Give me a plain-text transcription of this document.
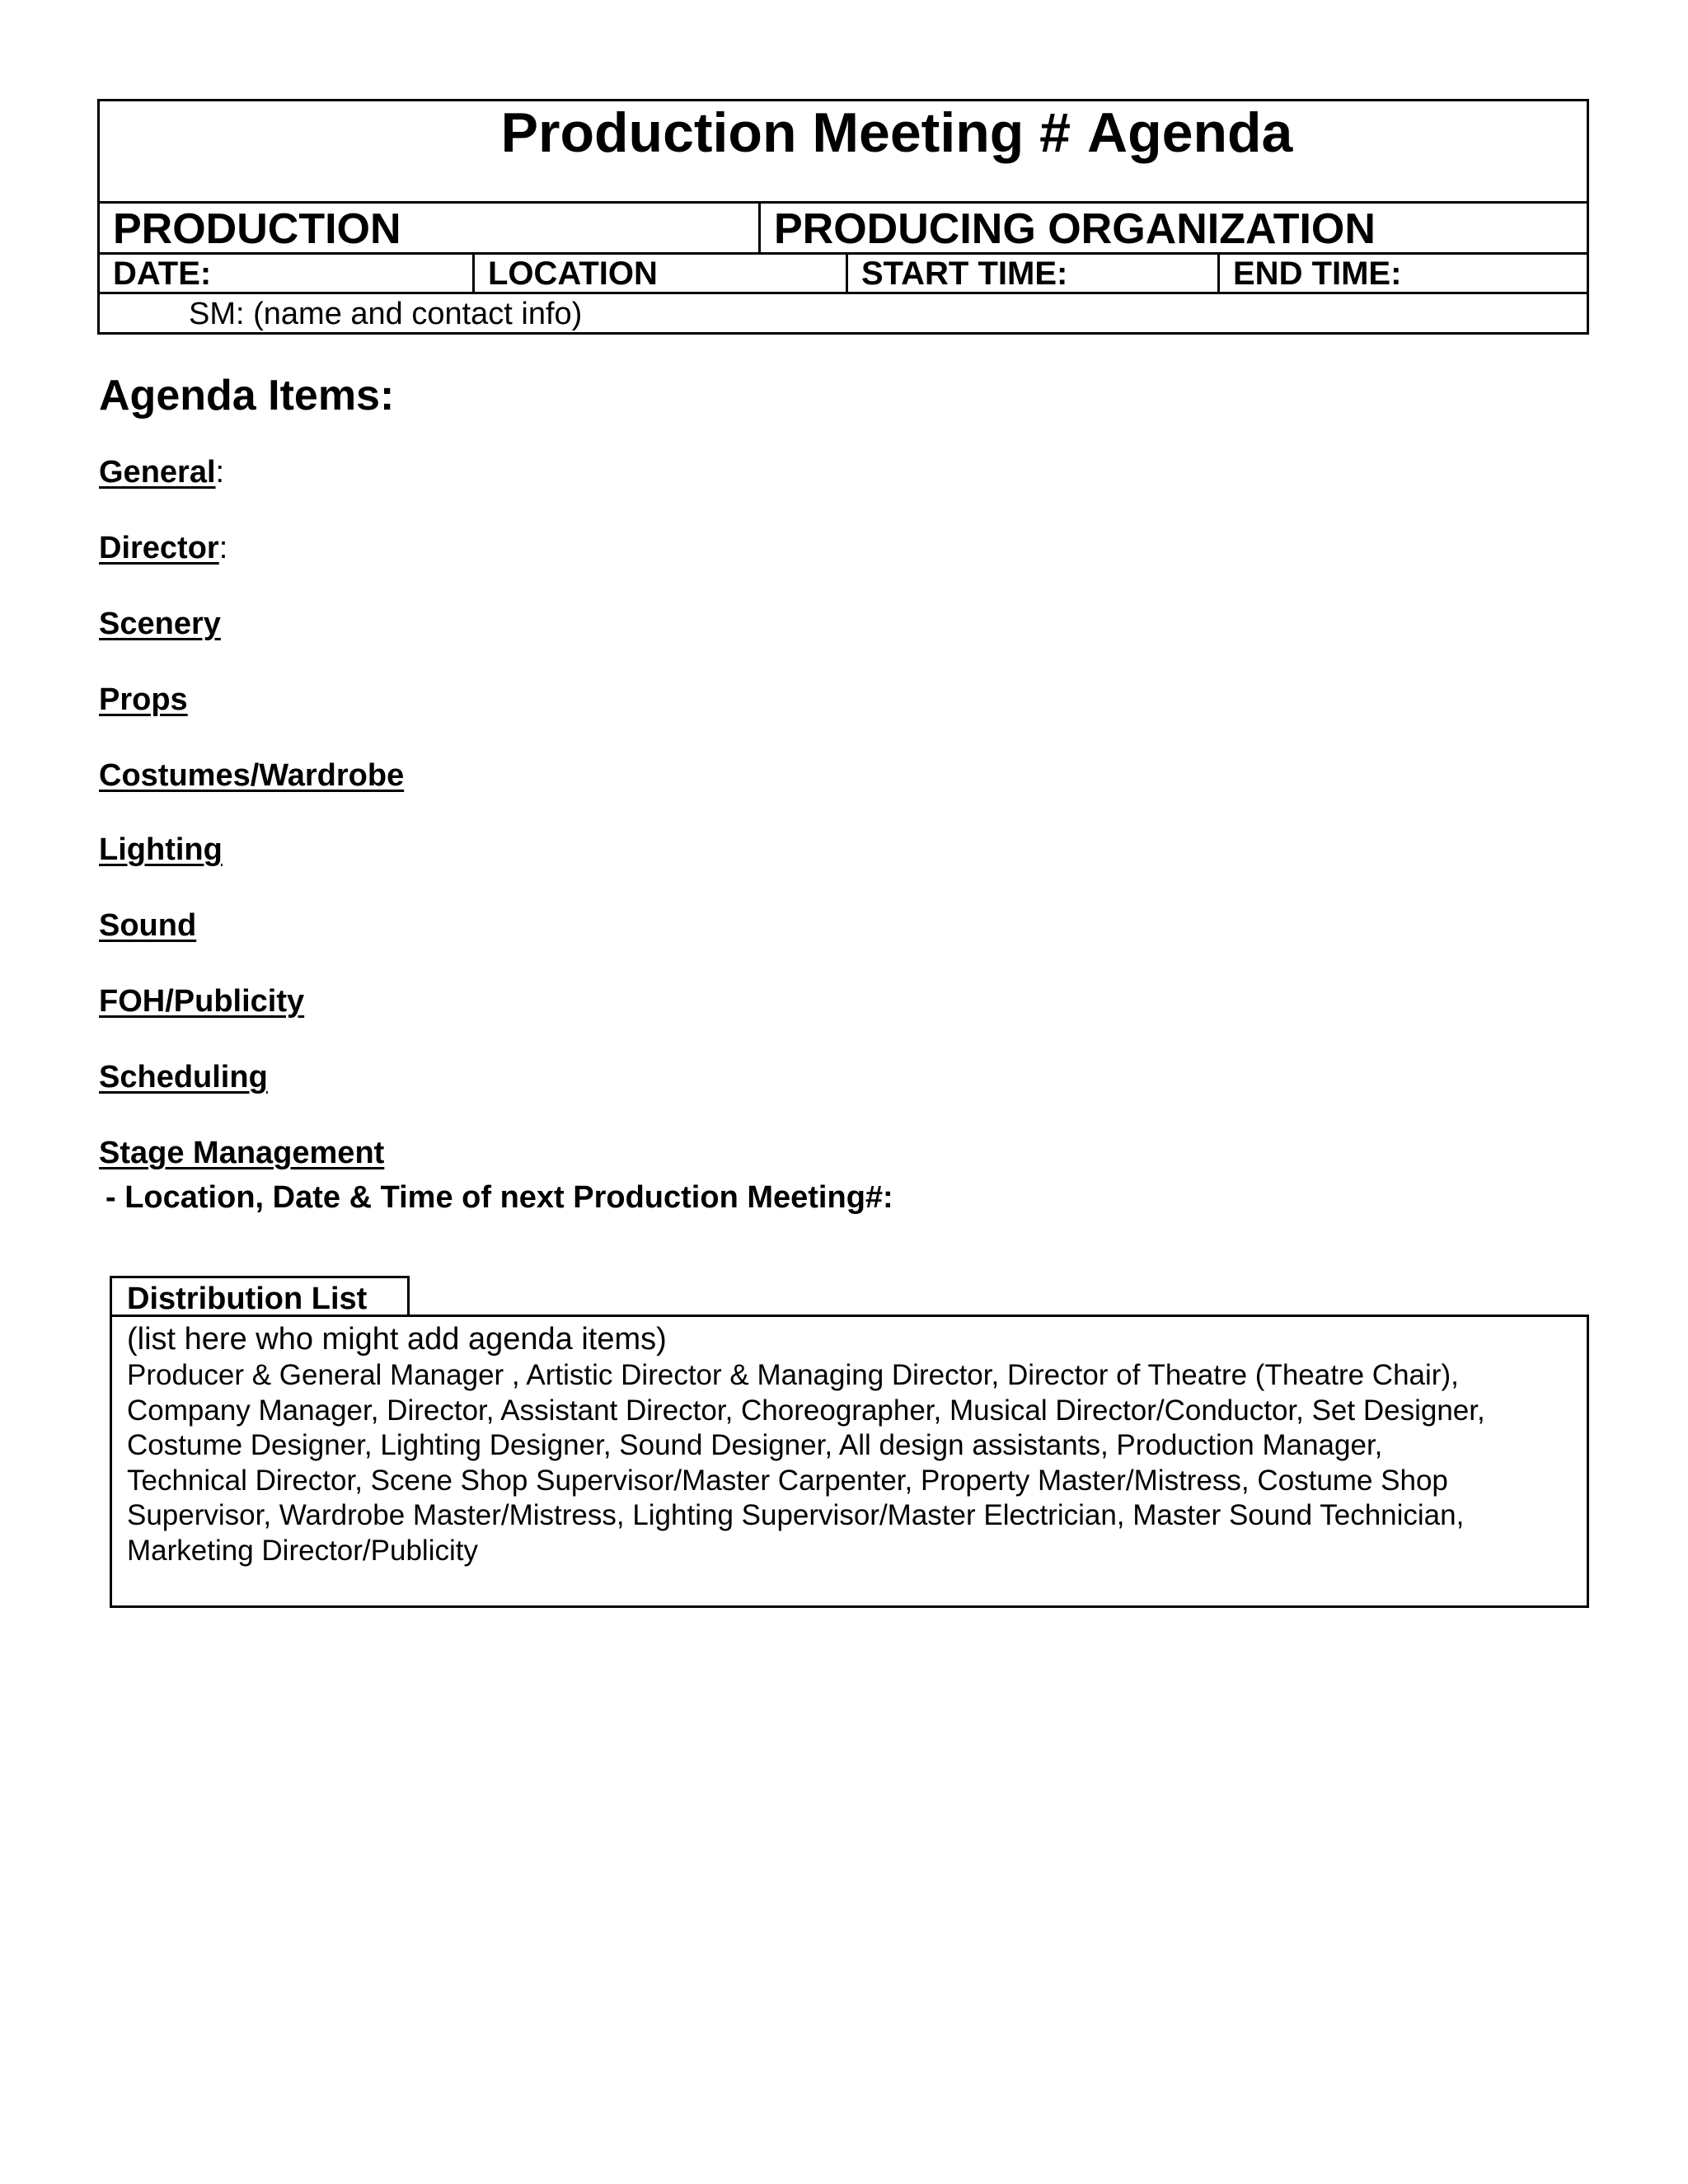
Production Meeting # Agenda
PRODUCTION	PRODUCING ORGANIZATION
DATE:	LOCATION	START TIME:	END TIME:
SM: (name and contact info)
Agenda Items:
General:
Director:
Scenery
Props
Costumes/Wardrobe
Lighting
Sound
FOH/Publicity
Scheduling
Stage Management
- Location, Date & Time of next Production Meeting#:
Distribution List
(list here who might add agenda items)
Producer & General Manager , Artistic Director & Managing Director, Director of Theatre (Theatre Chair),
Company Manager, Director, Assistant Director, Choreographer, Musical Director/Conductor, Set Designer,
Costume Designer, Lighting Designer, Sound Designer, All design assistants, Production Manager,
Technical Director, Scene Shop Supervisor/Master Carpenter, Property Master/Mistress, Costume Shop
Supervisor, Wardrobe Master/Mistress, Lighting Supervisor/Master Electrician, Master Sound Technician,
Marketing Director/Publicity
